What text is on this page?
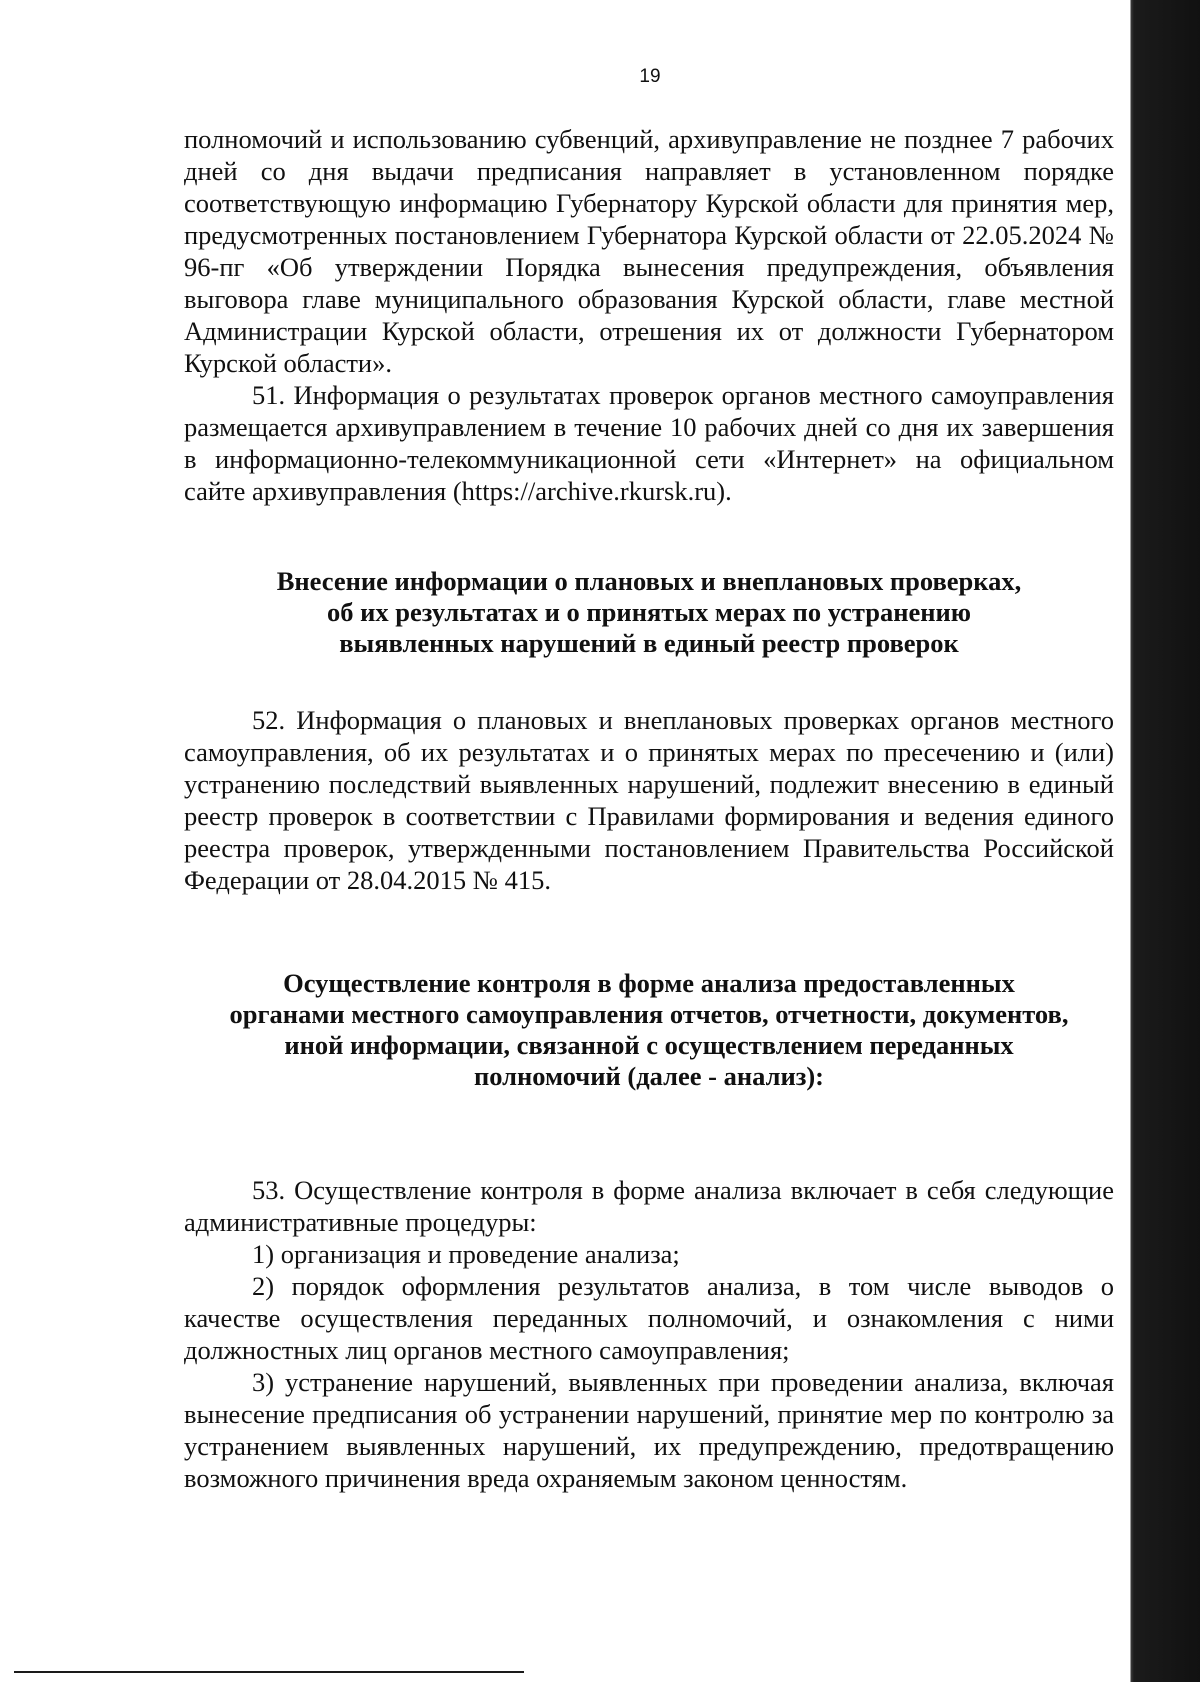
19

полномочий и использованию субвенций, архивуправление не позднее 7 рабочих дней со дня выдачи предписания направляет в установленном порядке соответствующую информацию Губернатору Курской области для принятия мер, предусмотренных постановлением Губернатора Курской области от 22.05.2024 № 96-пг «Об утверждении Порядка вынесения предупреждения, объявления выговора главе муниципального образования Курской области, главе местной Администрации Курской области, отрешения их от должности Губернатором Курской области».

51. Информация о результатах проверок органов местного самоуправления размещается архивуправлением в течение 10 рабочих дней со дня их завершения в информационно-телекоммуникационной сети «Интернет» на официальном сайте архивуправления (https://archive.rkursk.ru).

Внесение информации о плановых и внеплановых проверках,

об их результатах и о принятых мерах по устранению

выявленных нарушений в единый реестр проверок

52. Информация о плановых и внеплановых проверках органов местного самоуправления, об их результатах и о принятых мерах по пресечению и (или) устранению последствий выявленных нарушений, подлежит внесению в единый реестр проверок в соответствии с Правилами формирования и ведения единого реестра проверок, утвержденными постановлением Правительства Российской Федерации от 28.04.2015 № 415.

Осуществление контроля в форме анализа предоставленных

органами местного самоуправления отчетов, отчетности, документов,

иной информации, связанной с осуществлением переданных

полномочий (далее - анализ):

53. Осуществление контроля в форме анализа включает в себя следующие административные процедуры:

1) организация и проведение анализа;

2) порядок оформления результатов анализа, в том числе выводов о качестве осуществления переданных полномочий, и ознакомления с ними должностных лиц органов местного самоуправления;

3) устранение нарушений, выявленных при проведении анализа, включая вынесение предписания об устранении нарушений, принятие мер по контролю за устранением выявленных нарушений, их предупреждению, предотвращению возможного причинения вреда охраняемым законом ценностям.
